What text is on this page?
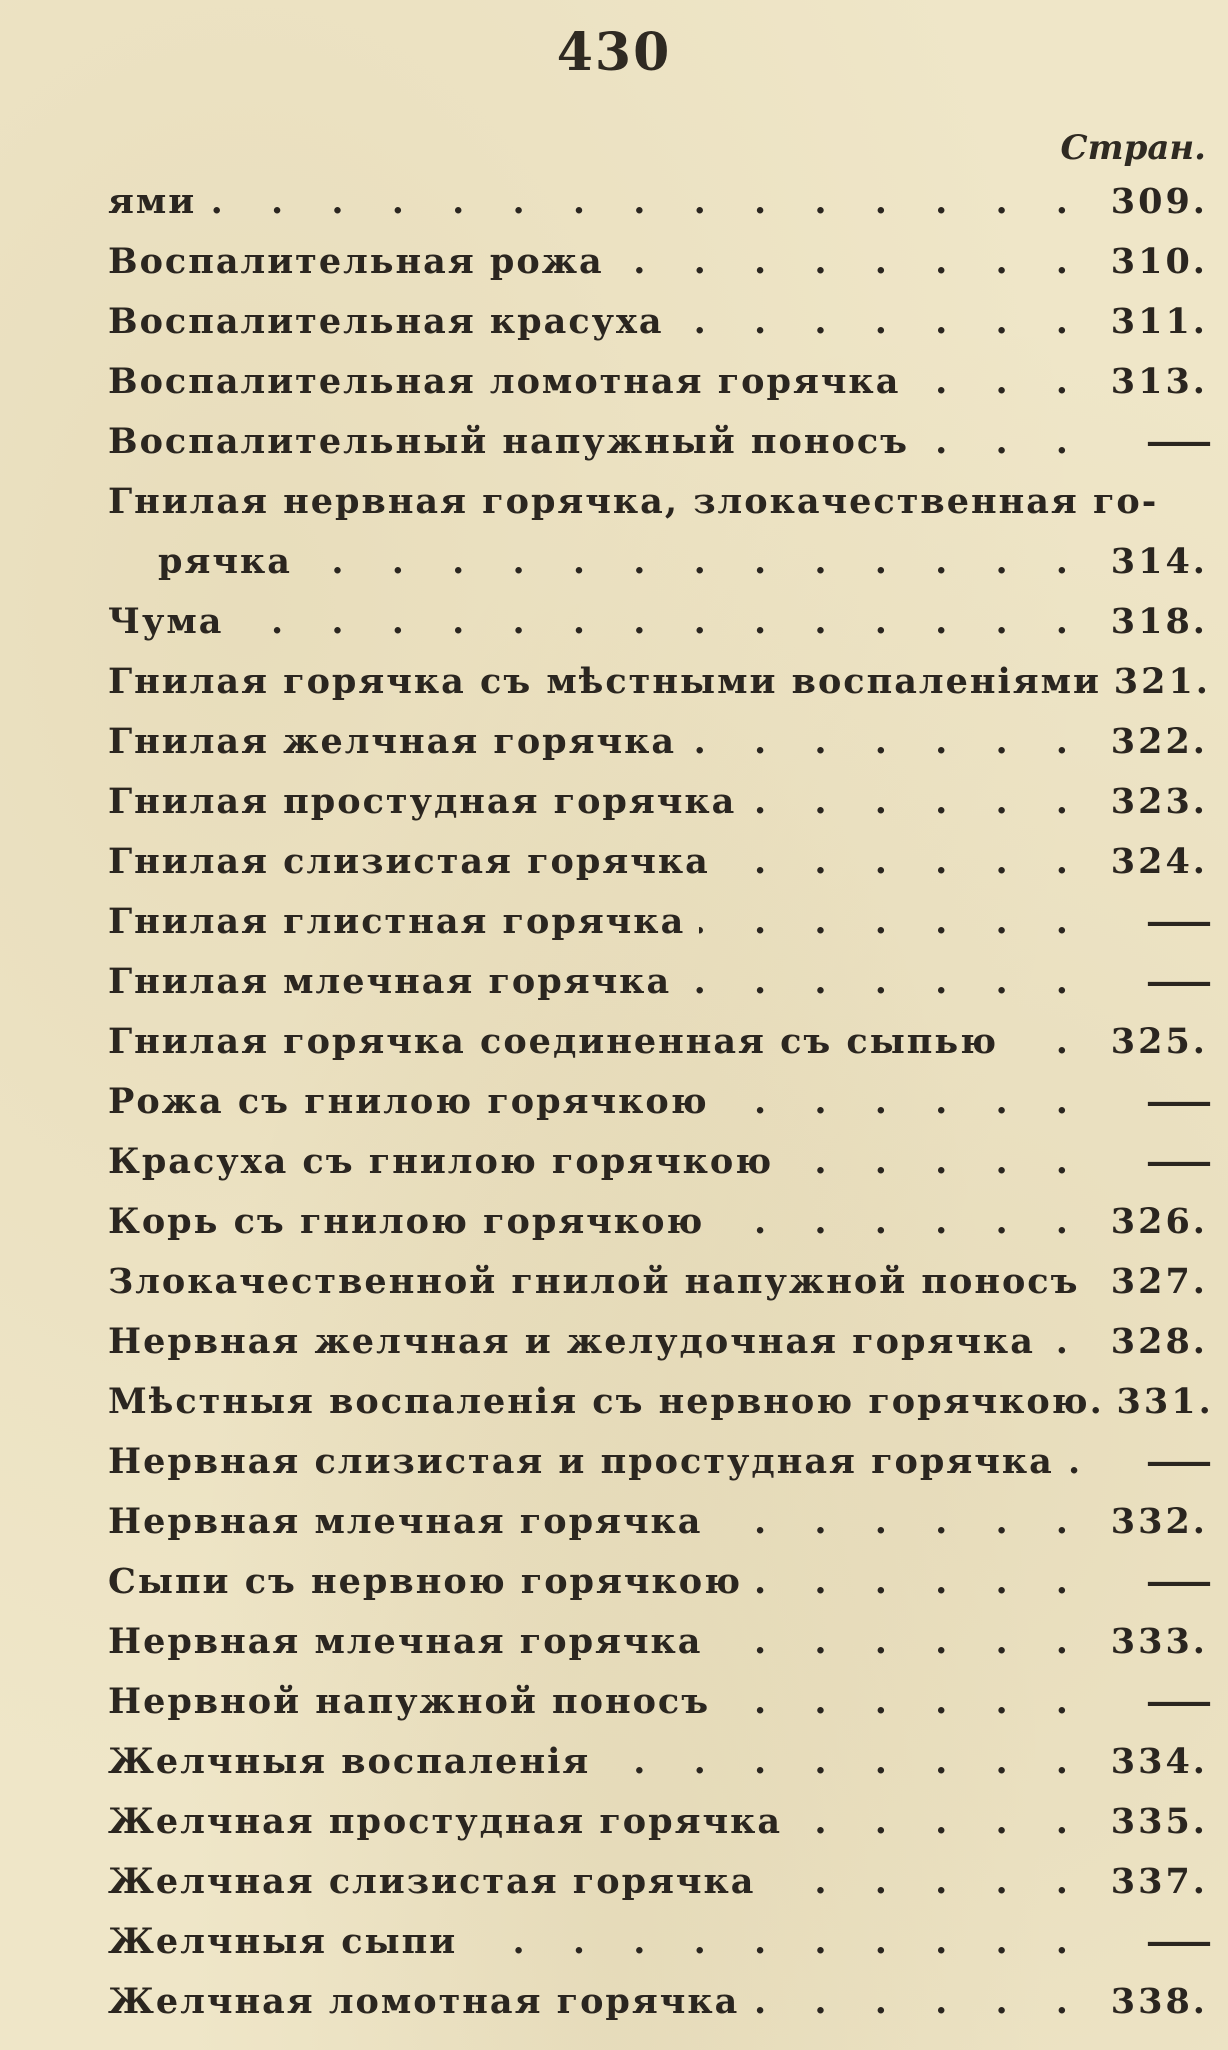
430
Стран.
ями . . .	309.
Воспалительная рожа . . .	310.
Воспалительная красуха . . .	311.
Воспалительная ломотная горячка . . .	313.
Воспалительный напужный поносъ . . .	——
Гнилая нервная горячка, злокачественная го-
рячка . . .	314.
Чума . . .	318.
Гнилая горячка съ мѣстными воспаленіями 321.
Гнилая желчная горячка . . .	322.
Гнилая простудная горячка . . .	323.
Гнилая слизистая горячка . . .	324.
Гнилая глистная горячка . . .	——
Гнилая млечная горячка . . .	——
Гнилая горячка соединенная съ сыпью . . .	325.
Рожа съ гнилою горячкою . . .	——
Красуха съ гнилою горячкою . . .	——
Корь съ гнилою горячкою . . .	326.
Злокачественной гнилой напужной поносъ 327.
Нервная желчная и желудочная горячка . . .	328.
Мѣстныя воспаленія съ нервною горячкою. 331.
Нервная слизистая и простудная горячка .	——
Нервная млечная горячка . . .	332.
Сыпи съ нервною горячкою . . .	——
Нервная млечная горячка . . .	333.
Нервной напужной поносъ . . .	——
Желчныя воспаленія . . .	334.
Желчная простудная горячка . . .	335.
Желчная слизистая горячка . . .	337.
Желчныя сыпи . . .	——
Желчная ломотная горячка . . .	338.
